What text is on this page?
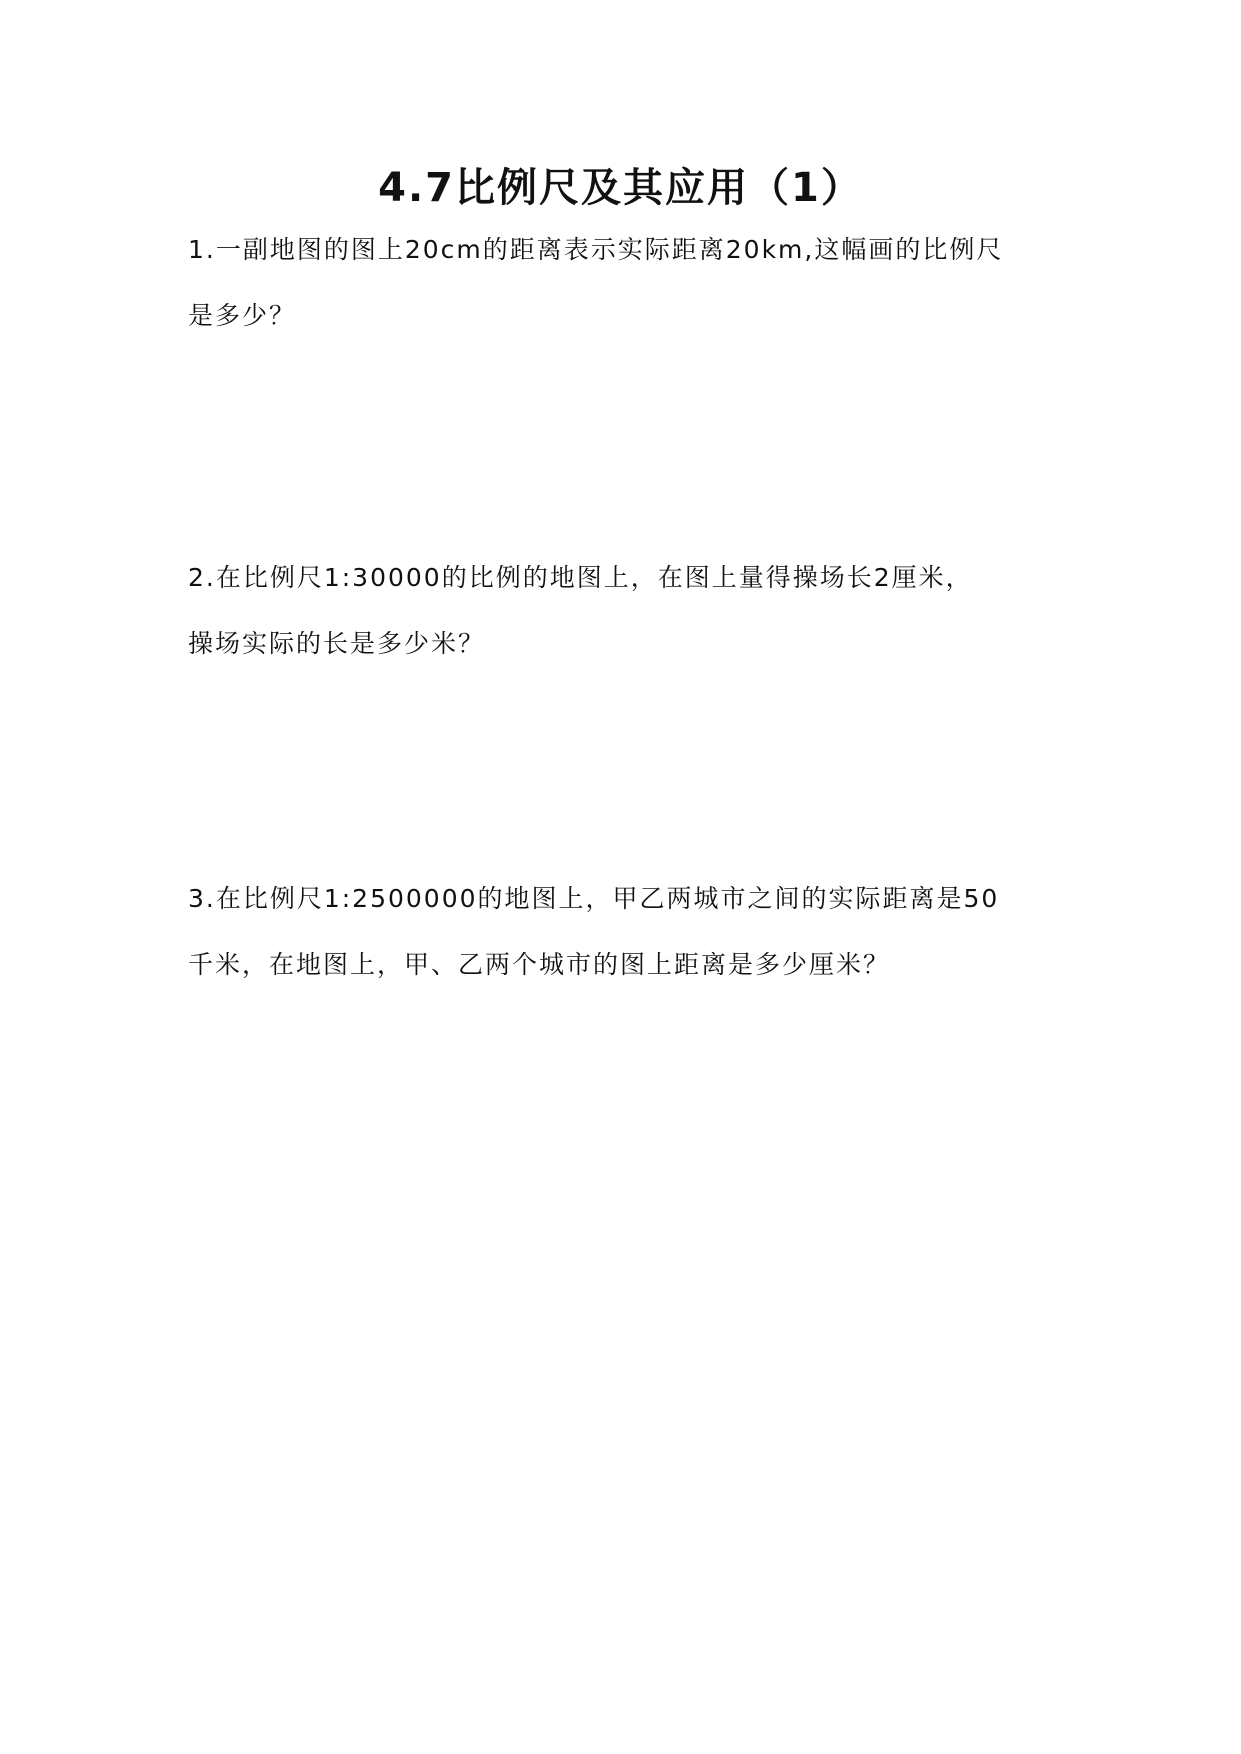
4.7比例尺及其应用（1）
1.一副地图的图上20cm的距离表示实际距离20km,这幅画的比例尺
是多少？
2.在比例尺1:30000的比例的地图上，在图上量得操场长2厘米，
操场实际的长是多少米？
3.在比例尺1:2500000的地图上，甲乙两城市之间的实际距离是50
千米，在地图上，甲、乙两个城市的图上距离是多少厘米？
